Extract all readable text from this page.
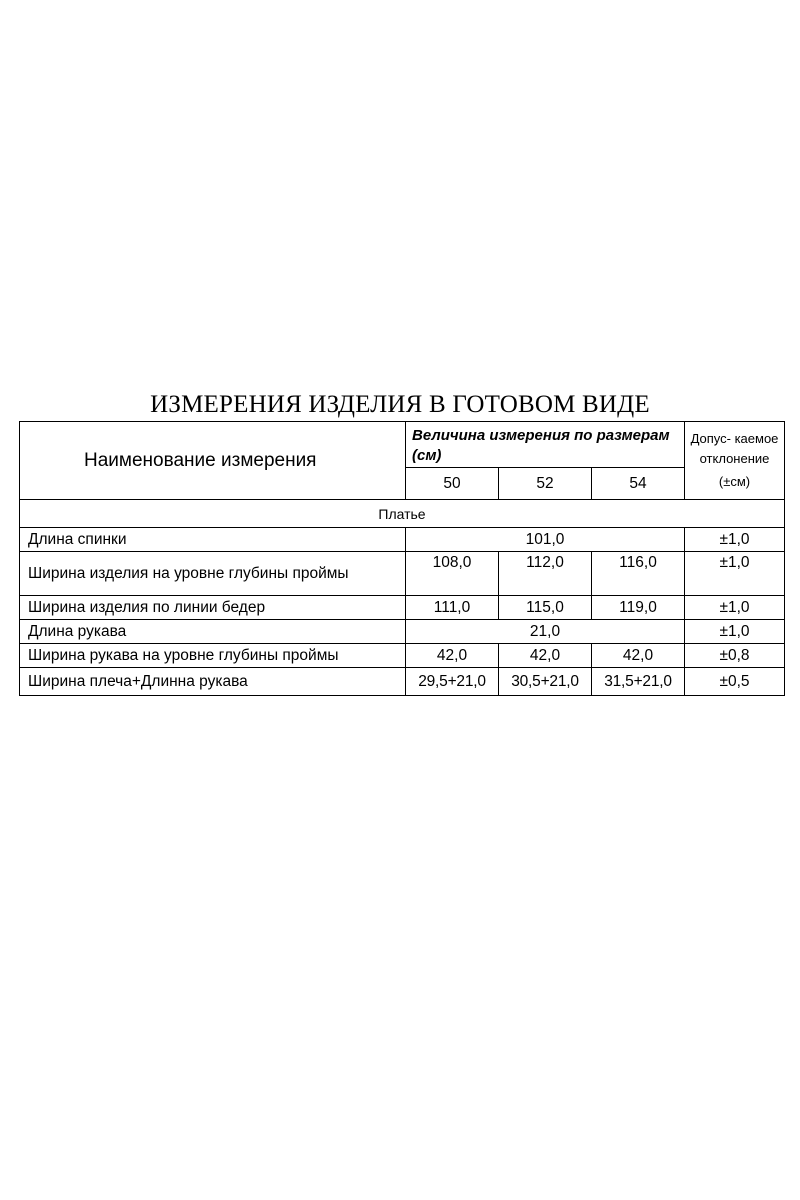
ИЗМЕРЕНИЯ ИЗДЕЛИЯ В ГОТОВОМ ВИДЕ
Наименование измерения	Величина измерения по размерам (см)			Допус- каемое отклонение
(±см)

	50	52	54	
Платье				
Длина спинки	101,0			±1,0
Ширина изделия на уровне глубины проймы	108,0	112,0	116,0	±1,0
Ширина изделия по линии бедер	111,0	115,0	119,0	±1,0
Длина рукава	21,0			±1,0
Ширина рукава на уровне глубины проймы	42,0	42,0	42,0	±0,8
Ширина плеча+Длинна рукава	29,5+21,0	30,5+21,0	31,5+21,0	±0,5
